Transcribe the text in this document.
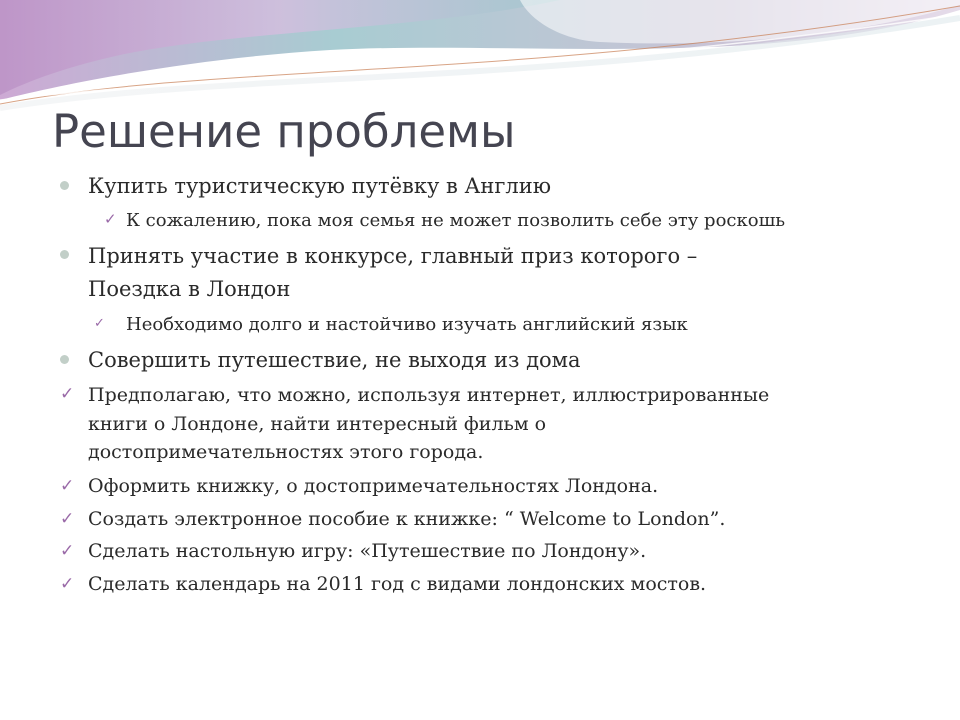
Решение проблемы
Купить туристическую путёвку в Англию
✓ К сожалению, пока моя семья не может позволить себе эту роскошь
Принять участие в конкурсе, главный приз которого –
Поездка в Лондон
✓ Необходимо долго и настойчиво изучать английский язык
Совершить путешествие, не выходя из дома
✓ Предполагаю, что можно, используя интернет, иллюстрированные
книги о Лондоне, найти интересный фильм о
достопримечательностях этого города.
✓ Оформить книжку, о достопримечательностях Лондона.
✓ Создать электронное пособие к книжке: “ Welcome to London”.
✓ Сделать настольную игру: «Путешествие по Лондону».
✓ Сделать календарь на 2011 год с видами лондонских мостов.
